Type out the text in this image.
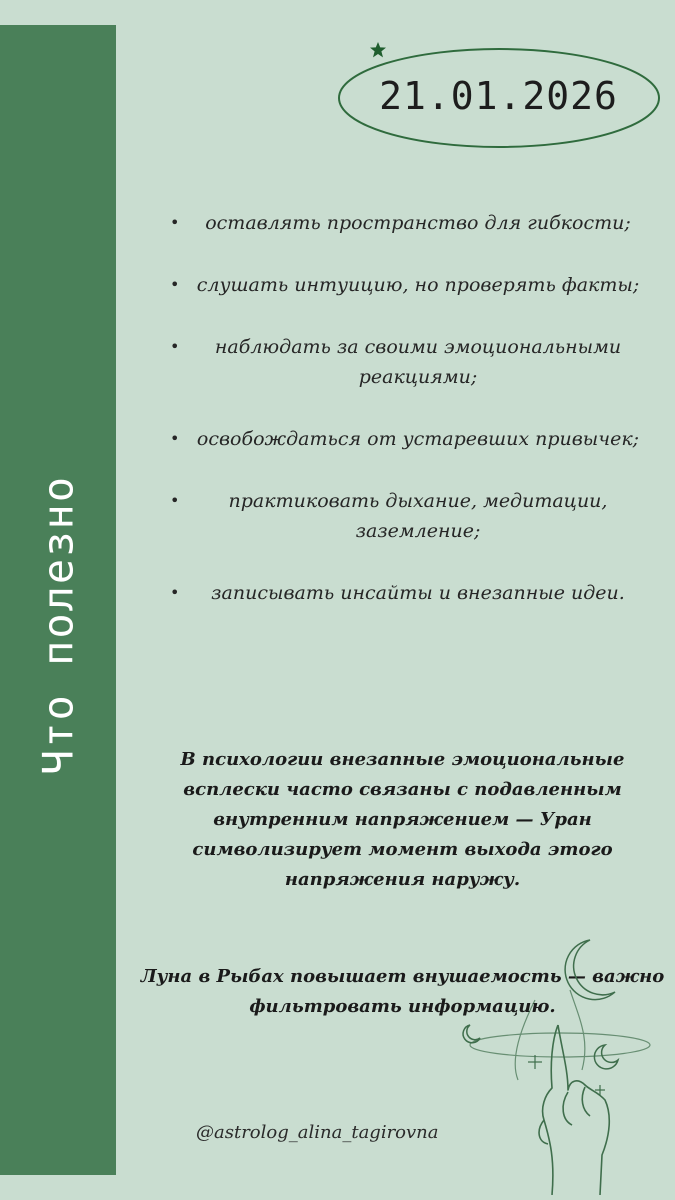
Что полезно
21.01.2026
• оставлять пространство для гибкости;
• слушать интуицию, но проверять факты;
• наблюдать за своими эмоциональными реакциями;
• освобождаться от устаревших привычек;
•	практиковать дыхание, медитации, заземление;
• записывать инсайты и внезапные идеи.
В психологии внезапные эмоциональные всплески часто связаны с подавленным внутренним напряжением — Уран символизирует момент выхода этого напряжения наружу.
Луна в Рыбах повышает внушаемость — важно фильтровать информацию.
@astrolog_alina_tagirovna
